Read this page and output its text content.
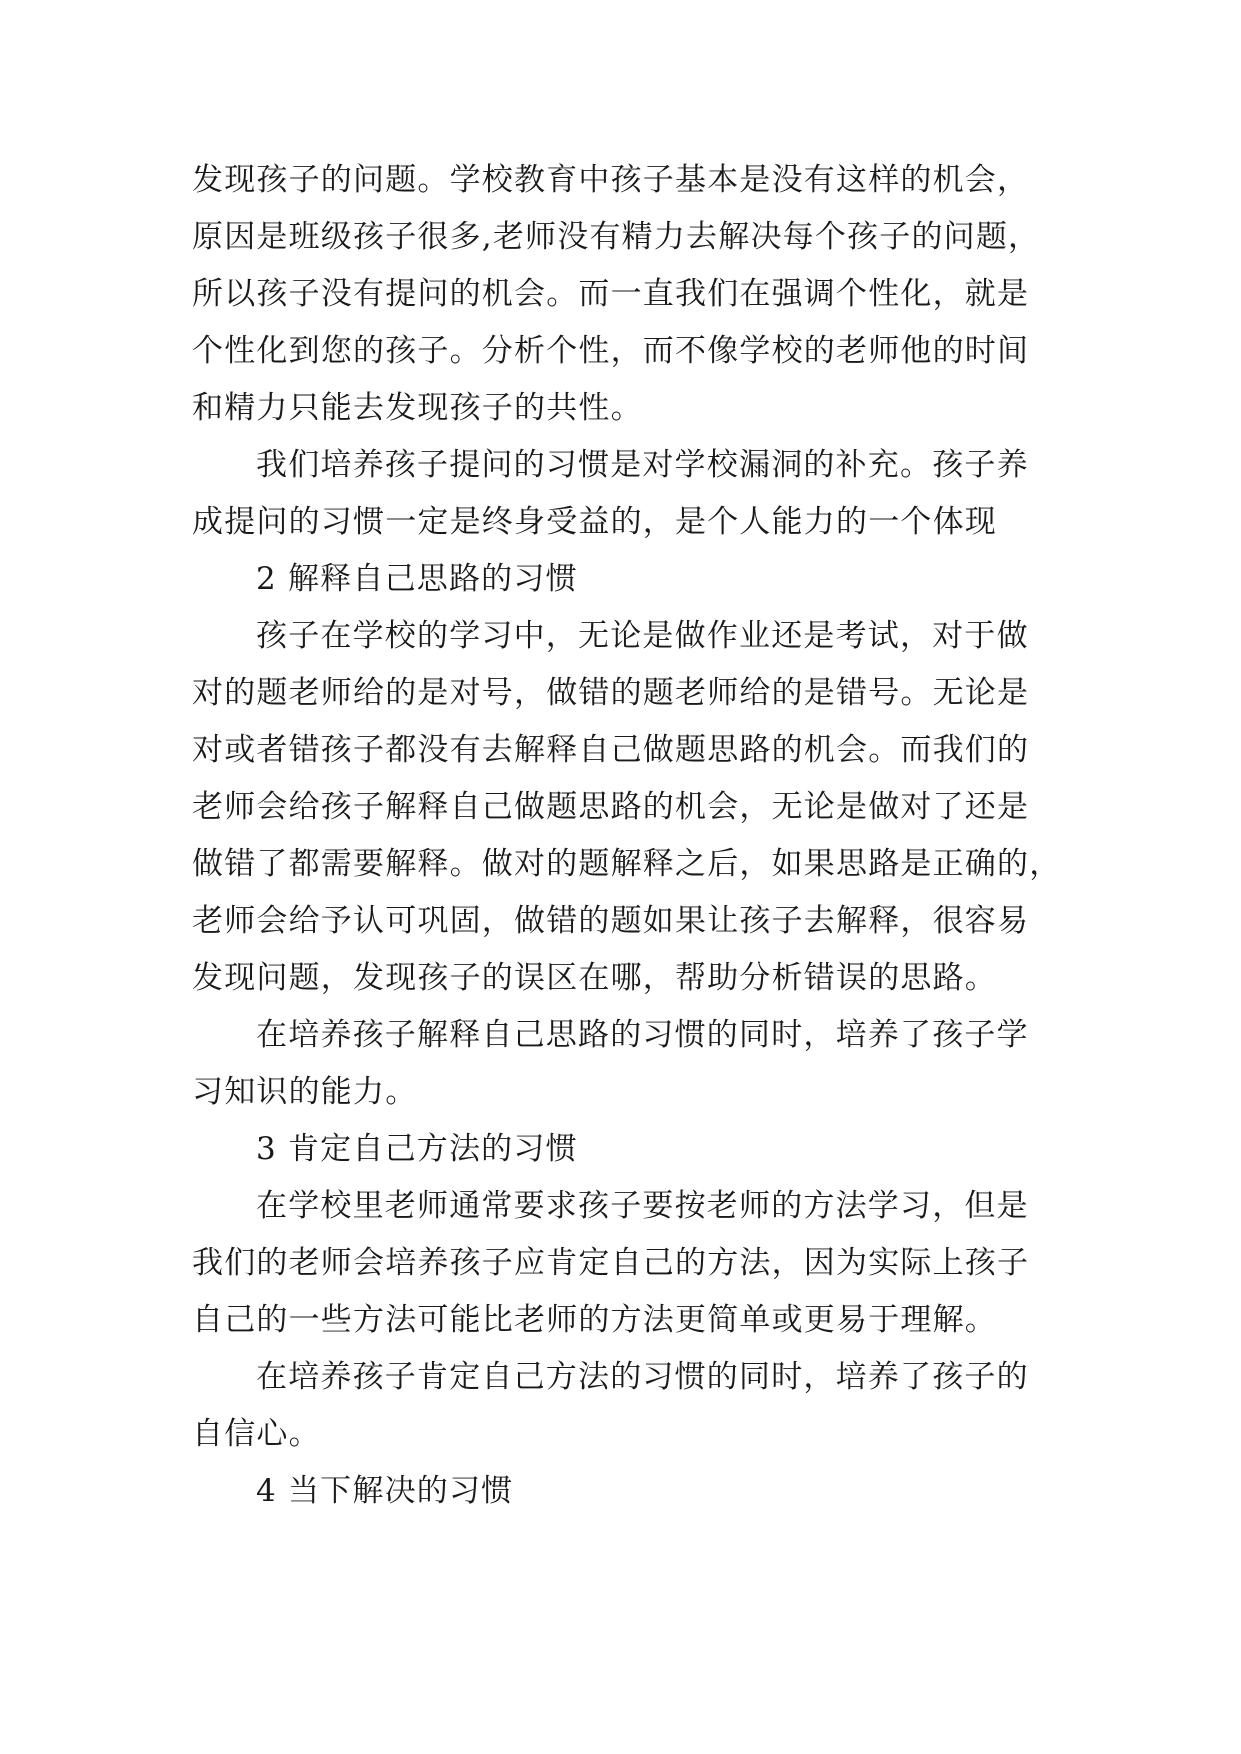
发现孩子的问题。学校教育中孩子基本是没有这样的机会，
原因是班级孩子很多,老师没有精力去解决每个孩子的问题，
所以孩子没有提问的机会。而一直我们在强调个性化，就是
个性化到您的孩子。分析个性，而不像学校的老师他的时间
和精力只能去发现孩子的共性。
我们培养孩子提问的习惯是对学校漏洞的补充。孩子养
成提问的习惯一定是终身受益的，是个人能力的一个体现
2 解释自己思路的习惯
孩子在学校的学习中，无论是做作业还是考试，对于做
对的题老师给的是对号，做错的题老师给的是错号。无论是
对或者错孩子都没有去解释自己做题思路的机会。而我们的
老师会给孩子解释自己做题思路的机会，无论是做对了还是
做错了都需要解释。做对的题解释之后，如果思路是正确的，
老师会给予认可巩固，做错的题如果让孩子去解释，很容易
发现问题，发现孩子的误区在哪，帮助分析错误的思路。
在培养孩子解释自己思路的习惯的同时，培养了孩子学
习知识的能力。
3 肯定自己方法的习惯
在学校里老师通常要求孩子要按老师的方法学习，但是
我们的老师会培养孩子应肯定自己的方法，因为实际上孩子
自己的一些方法可能比老师的方法更简单或更易于理解。
在培养孩子肯定自己方法的习惯的同时，培养了孩子的
自信心。
4 当下解决的习惯
